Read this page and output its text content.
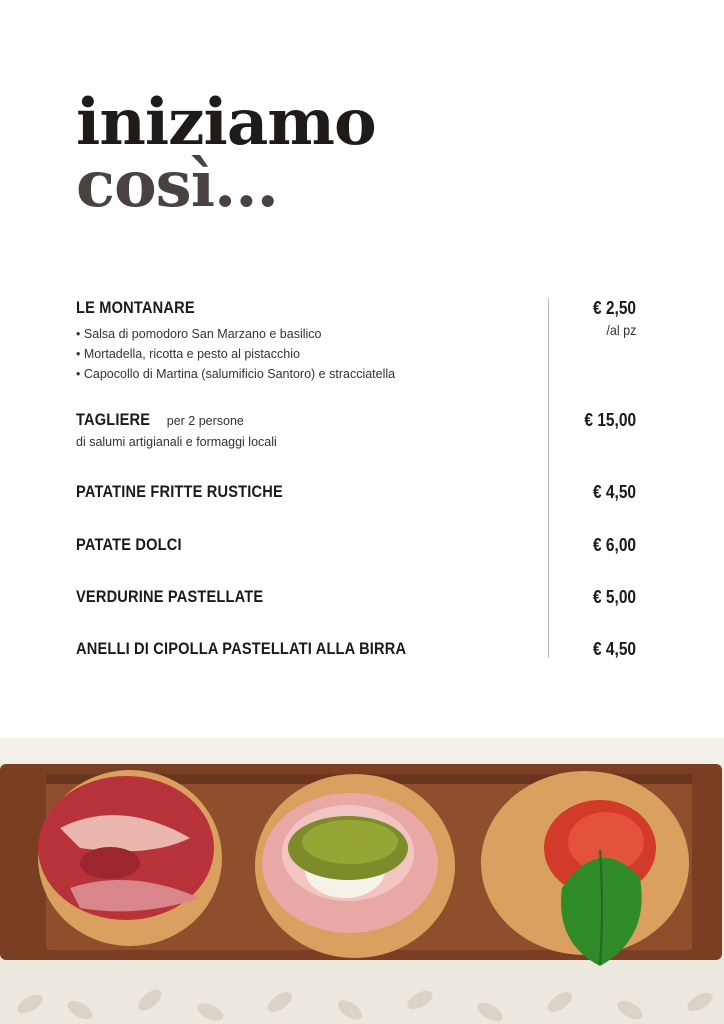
iniziamo
così...
LE MONTANARE
• Salsa di pomodoro San Marzano e basilico
• Mortadella, ricotta e pesto al pistacchio
• Capocollo di Martina (salumificio Santoro) e stracciatella
€ 2,50
/al pz
TAGLIERE per 2 persone
di salumi artigianali e formaggi locali
€ 15,00
PATATINE FRITTE RUSTICHE	€ 4,50
PATATE DOLCI	€ 6,00
VERDURINE PASTELLATE	€ 5,00
ANELLI DI CIPOLLA PASTELLATI ALLA BIRRA	€ 4,50
